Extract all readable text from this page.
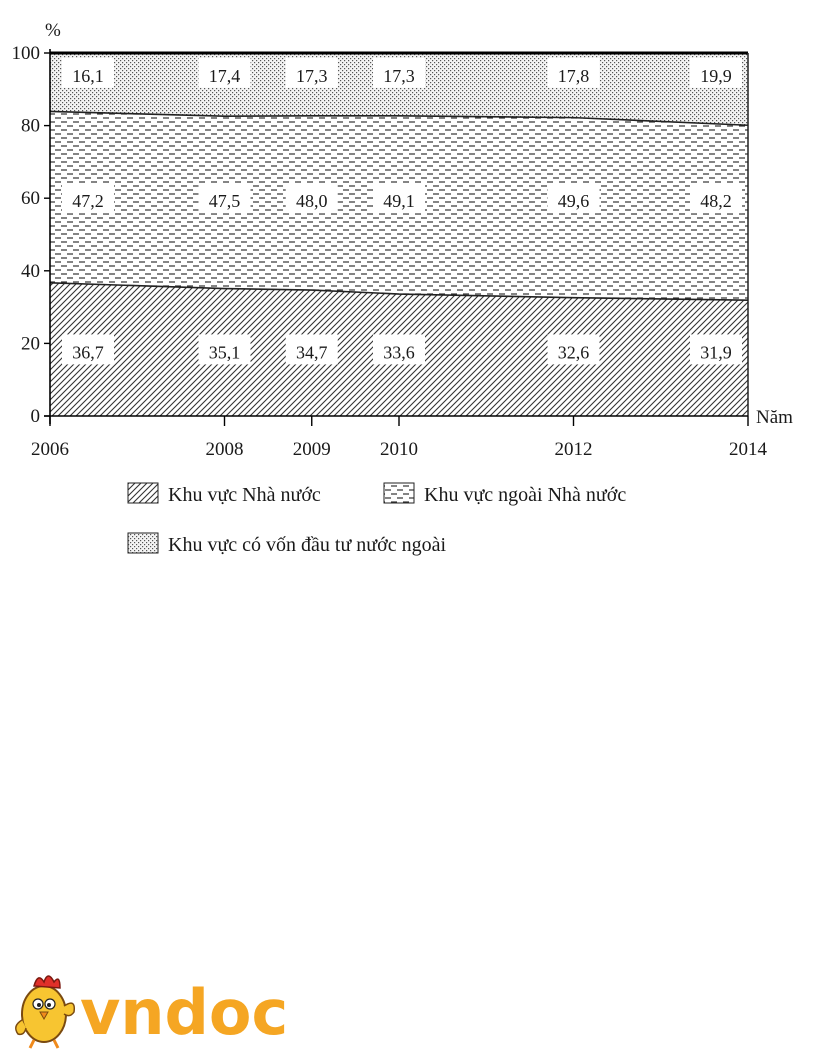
%
0
20
40
60
80
100
2006	2008	2009	2010	2012	2014
36,7	35,1	34,7	33,6	32,6	31,9
47,2	47,5	48,0	49,1	49,6	48,2
16,1	17,4	17,3	17,3	17,8	19,9
Năm
Khu vực Nhà nước	Khu vực ngoài Nhà nước
Khu vực có vốn đầu tư nước ngoài
vndoc
